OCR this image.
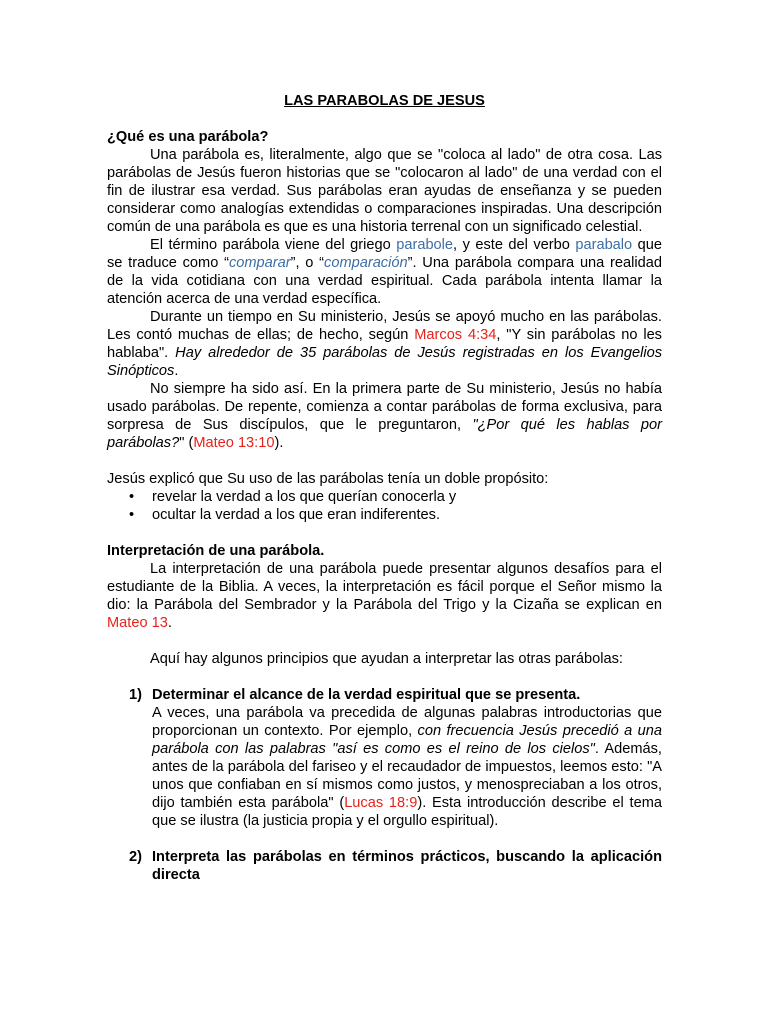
LAS PARABOLAS DE JESUS
¿Qué es una parábola?

Una parábola es, literalmente, algo que se "coloca al lado" de otra cosa. Las parábolas de Jesús fueron historias que se "colocaron al lado" de una verdad con el fin de ilustrar esa verdad. Sus parábolas eran ayudas de enseñanza y se pueden considerar como analogías extendidas o comparaciones inspiradas. Una descripción común de una parábola es que es una historia terrenal con un significado celestial.

El término parábola viene del griego parabole, y este del verbo parabalo que se traduce como “comparar”, o “comparación”. Una parábola compara una realidad de la vida cotidiana con una verdad espiritual. Cada parábola intenta llamar la atención acerca de una verdad específica.

Durante un tiempo en Su ministerio, Jesús se apoyó mucho en las parábolas. Les contó muchas de ellas; de hecho, según Marcos 4:34, "Y sin parábolas no les hablaba". Hay alrededor de 35 parábolas de Jesús registradas en los Evangelios Sinópticos.

No siempre ha sido así. En la primera parte de Su ministerio, Jesús no había usado parábolas. De repente, comienza a contar parábolas de forma exclusiva, para sorpresa de Sus discípulos, que le preguntaron, "¿Por qué les hablas por parábolas?" (Mateo 13:10).

Jesús explicó que Su uso de las parábolas tenía un doble propósito:

• revelar la verdad a los que querían conocerla y
• ocultar la verdad a los que eran indiferentes.
Interpretación de una parábola.

La interpretación de una parábola puede presentar algunos desafíos para el estudiante de la Biblia. A veces, la interpretación es fácil porque el Señor mismo la dio: la Parábola del Sembrador y la Parábola del Trigo y la Cizaña se explican en Mateo 13.

Aquí hay algunos principios que ayudan a interpretar las otras parábolas:

1) Determinar el alcance de la verdad espiritual que se presenta.

A veces, una parábola va precedida de algunas palabras introductorias que proporcionan un contexto. Por ejemplo, con frecuencia Jesús precedió a una parábola con las palabras "así es como es el reino de los cielos". Además, antes de la parábola del fariseo y el recaudador de impuestos, leemos esto: "A unos que confiaban en sí mismos como justos, y menospreciaban a los otros, dijo también esta parábola" (Lucas 18:9). Esta introducción describe el tema que se ilustra (la justicia propia y el orgullo espiritual).

2) Interpreta las parábolas en términos prácticos, buscando la aplicación directa
